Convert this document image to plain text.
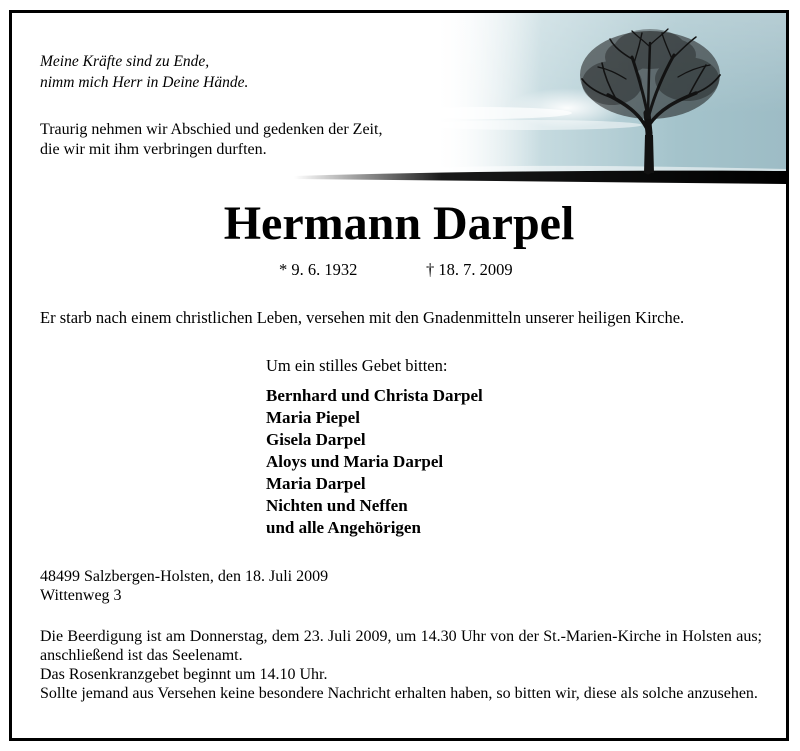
Meine Kräfte sind zu Ende,
nimm mich Herr in Deine Hände.
Traurig nehmen wir Abschied und gedenken der Zeit,
die wir mit ihm verbringen durften.
Hermann Darpel
* 9. 6. 1932	† 18. 7. 2009

Er starb nach einem christlichen Leben, versehen mit den Gnadenmitteln unserer heiligen Kirche.

Um ein stilles Gebet bitten:

Bernhard und Christa Darpel
Maria Piepel
Gisela Darpel
Aloys und Maria Darpel
Maria Darpel
Nichten und Neffen
und alle Angehörigen
48499 Salzbergen-Holsten, den 18. Juli 2009
Wittenweg 3

Die Beerdigung ist am Donnerstag, dem 23. Juli 2009, um 14.30 Uhr von der St.-Marien-Kirche in Holsten aus; anschließend ist das Seelenamt.

Das Rosenkranzgebet beginnt um 14.10 Uhr.

Sollte jemand aus Versehen keine besondere Nachricht erhalten haben, so bitten wir, diese als solche anzusehen.
